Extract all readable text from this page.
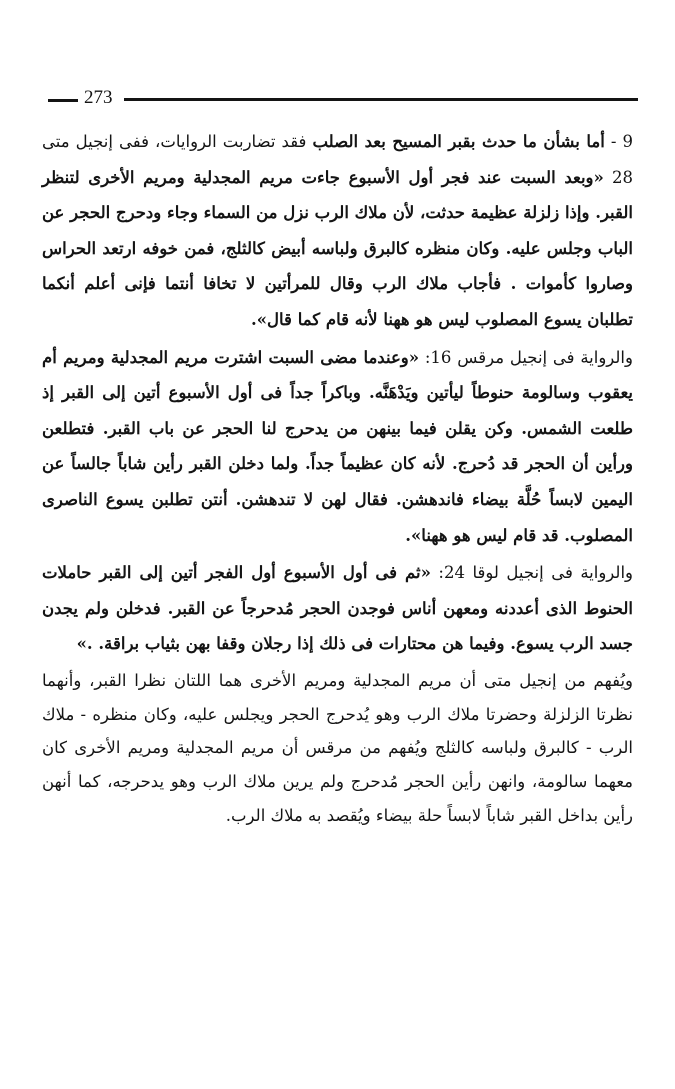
273

9 - أما بشأن ما حدث بقبر المسيح بعد الصلب فقد تضاربت الروايات، ففى إنجيل متى 28 «وبعد السبت عند فجر أول الأسبوع جاءت مريم المجدلية ومريم الأخرى لتنظر القبر. وإذا زلزلة عظيمة حدثت، لأن ملاك الرب نزل من السماء وجاء ودحرج الحجر عن الباب وجلس عليه. وكان منظره كالبرق ولباسه أبيض كالثلج، فمن خوفه ارتعد الحراس وصاروا كأموات . فأجاب ملاك الرب وقال للمرأتين لا تخافا أنتما فإنى أعلم أنكما تطلبان يسوع المصلوب ليس هو ههنا لأنه قام كما قال».

والرواية فى إنجيل مرقس 16: «وعندما مضى السبت اشترت مريم المجدلية ومريم أم يعقوب وسالومة حنوطاً ليأتين ويَدْهَنَّه. وباكراً جداً فى أول الأسبوع أتين إلى القبر إذ طلعت الشمس. وكن يقلن فيما بينهن من يدحرج لنا الحجر عن باب القبر. فتطلعن ورأين أن الحجر قد دُحرج. لأنه كان عظيماً جداً. ولما دخلن القبر رأين شاباً جالساً عن اليمين لابساً حُلَّة بيضاء فاندهشن. فقال لهن لا تندهشن. أنتن تطلبن يسوع الناصرى المصلوب. قد قام ليس هو ههنا».

والرواية فى إنجيل لوقا 24: «ثم فى أول الأسبوع أول الفجر أتين إلى القبر حاملات الحنوط الذى أعددنه ومعهن أناس فوجدن الحجر مُدحرجاً عن القبر. فدخلن ولم يجدن جسد الرب يسوع. وفيما هن محتارات فى ذلك إذا رجلان وقفا بهن بثياب براقة. .»

ويُفهم من إنجيل متى أن مريم المجدلية ومريم الأخرى هما اللتان نظرا القبر، وأنهما نظرتا الزلزلة وحضرتا ملاك الرب وهو يُدحرج الحجر ويجلس عليه، وكان منظره - ملاك الرب - كالبرق ولباسه كالثلج ويُفهم من مرقس أن مريم المجدلية ومريم الأخرى كان معهما سالومة، وانهن رأين الحجر مُدحرج ولم يرين ملاك الرب وهو يدحرجه، كما أنهن رأين بداخل القبر شاباً لابساً حلة بيضاء ويُقصد به ملاك الرب.
